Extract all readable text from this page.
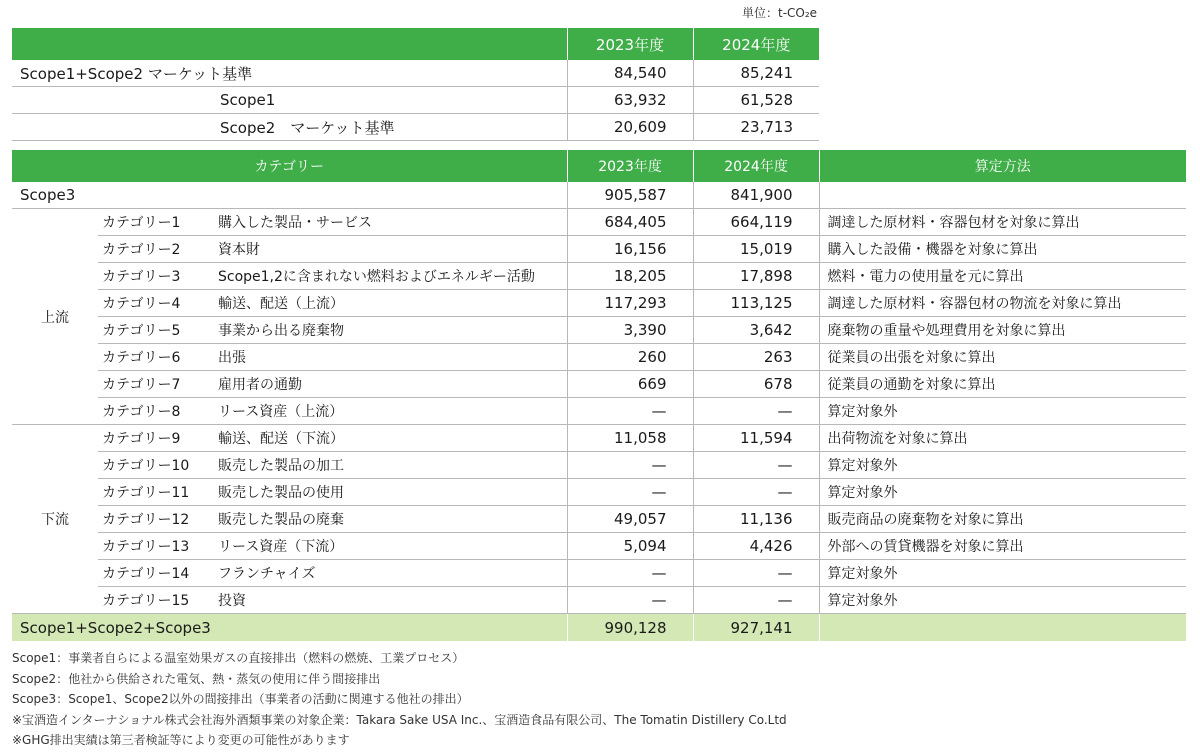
単位：t-CO₂e
	2023年度	2024年度
Scope1+Scope2 マーケット基準	84,540	85,241
Scope1	63,932	61,528
Scope2　マーケット基準	20,609	23,713
カテゴリー			2023年度	2024年度	算定方法
Scope3			905,587	841,900	
上流	カテゴリー1	購入した製品・サービス	684,405	664,119	調達した原材料・容器包材を対象に算出
	カテゴリー2	資本財	16,156	15,019	購入した設備・機器を対象に算出
	カテゴリー3	Scope1,2に含まれない燃料およびエネルギー活動	18,205	17,898	燃料・電力の使用量を元に算出
	カテゴリー4	輸送、配送（上流）	117,293	113,125	調達した原材料・容器包材の物流を対象に算出
	カテゴリー5	事業から出る廃棄物	3,390	3,642	廃棄物の重量や処理費用を対象に算出
	カテゴリー6	出張	260	263	従業員の出張を対象に算出
	カテゴリー7	雇用者の通勤	669	678	従業員の通勤を対象に算出
	カテゴリー8	リース資産（上流）	—	—	算定対象外
下流	カテゴリー9	輸送、配送（下流）	11,058	11,594	出荷物流を対象に算出
	カテゴリー10	販売した製品の加工	—	—	算定対象外
	カテゴリー11	販売した製品の使用	—	—	算定対象外
	カテゴリー12	販売した製品の廃棄	49,057	11,136	販売商品の廃棄物を対象に算出
	カテゴリー13	リース資産（下流）	5,094	4,426	外部への賃貸機器を対象に算出
	カテゴリー14	フランチャイズ	—	—	算定対象外
	カテゴリー15	投資	—	—	算定対象外
Scope1+Scope2+Scope3			990,128	927,141	
Scope1：事業者自らによる温室効果ガスの直接排出（燃料の燃焼、工業プロセス）
Scope2：他社から供給された電気、熱・蒸気の使用に伴う間接排出
Scope3：Scope1、Scope2以外の間接排出（事業者の活動に関連する他社の排出）
※宝酒造インターナショナル株式会社海外酒類事業の対象企業：Takara Sake USA Inc.、宝酒造食品有限公司、The Tomatin Distillery Co.Ltd
※GHG排出実績は第三者検証等により変更の可能性があります
